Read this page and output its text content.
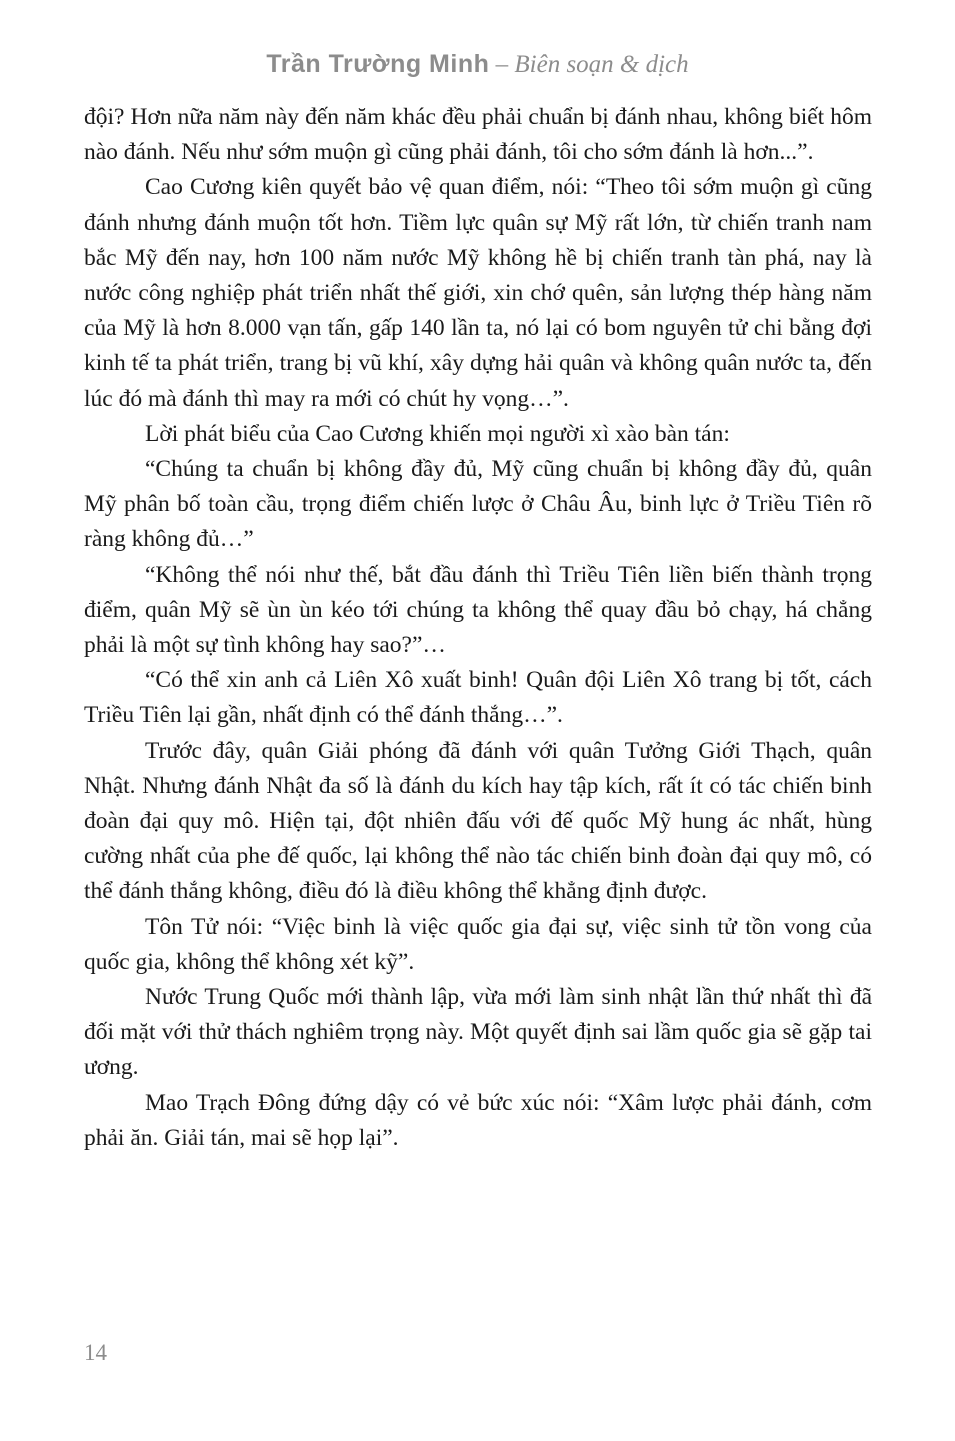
Trần Trường Minh – Biên soạn & dịch

đội? Hơn nữa năm này đến năm khác đều phải chuẩn bị đánh nhau, không biết hôm nào đánh. Nếu như sớm muộn gì cũng phải đánh, tôi cho sớm đánh là hơn...”.

Cao Cương kiên quyết bảo vệ quan điểm, nói: “Theo tôi sớm muộn gì cũng đánh nhưng đánh muộn tốt hơn. Tiềm lực quân sự Mỹ rất lớn, từ chiến tranh nam bắc Mỹ đến nay, hơn 100 năm nước Mỹ không hề bị chiến tranh tàn phá, nay là nước công nghiệp phát triển nhất thế giới, xin chớ quên, sản lượng thép hàng năm của Mỹ là hơn 8.000 vạn tấn, gấp 140 lần ta, nó lại có bom nguyên tử chi bằng đợi kinh tế ta phát triển, trang bị vũ khí, xây dựng hải quân và không quân nước ta, đến lúc đó mà đánh thì may ra mới có chút hy vọng…”.

Lời phát biểu của Cao Cương khiến mọi người xì xào bàn tán:

“Chúng ta chuẩn bị không đầy đủ, Mỹ cũng chuẩn bị không đầy đủ, quân Mỹ phân bố toàn cầu, trọng điểm chiến lược ở Châu Âu, binh lực ở Triều Tiên rõ ràng không đủ…”

“Không thể nói như thế, bắt đầu đánh thì Triều Tiên liền biến thành trọng điểm, quân Mỹ sẽ ùn ùn kéo tới chúng ta không thể quay đầu bỏ chạy, há chẳng phải là một sự tình không hay sao?”…

“Có thể xin anh cả Liên Xô xuất binh! Quân đội Liên Xô trang bị tốt, cách Triều Tiên lại gần, nhất định có thể đánh thắng…”.

Trước đây, quân Giải phóng đã đánh với quân Tưởng Giới Thạch, quân Nhật. Nhưng đánh Nhật đa số là đánh du kích hay tập kích, rất ít có tác chiến binh đoàn đại quy mô. Hiện tại, đột nhiên đấu với đế quốc Mỹ hung ác nhất, hùng cường nhất của phe đế quốc, lại không thể nào tác chiến binh đoàn đại quy mô, có thể đánh thắng không, điều đó là điều không thể khẳng định được.

Tôn Tử nói: “Việc binh là việc quốc gia đại sự, việc sinh tử tồn vong của quốc gia, không thể không xét kỹ”.

Nước Trung Quốc mới thành lập, vừa mới làm sinh nhật lần thứ nhất thì đã đối mặt với thử thách nghiêm trọng này. Một quyết định sai lầm quốc gia sẽ gặp tai ương.

Mao Trạch Đông đứng dậy có vẻ bức xúc nói: “Xâm lược phải đánh, cơm phải ăn. Giải tán, mai sẽ họp lại”.

14
